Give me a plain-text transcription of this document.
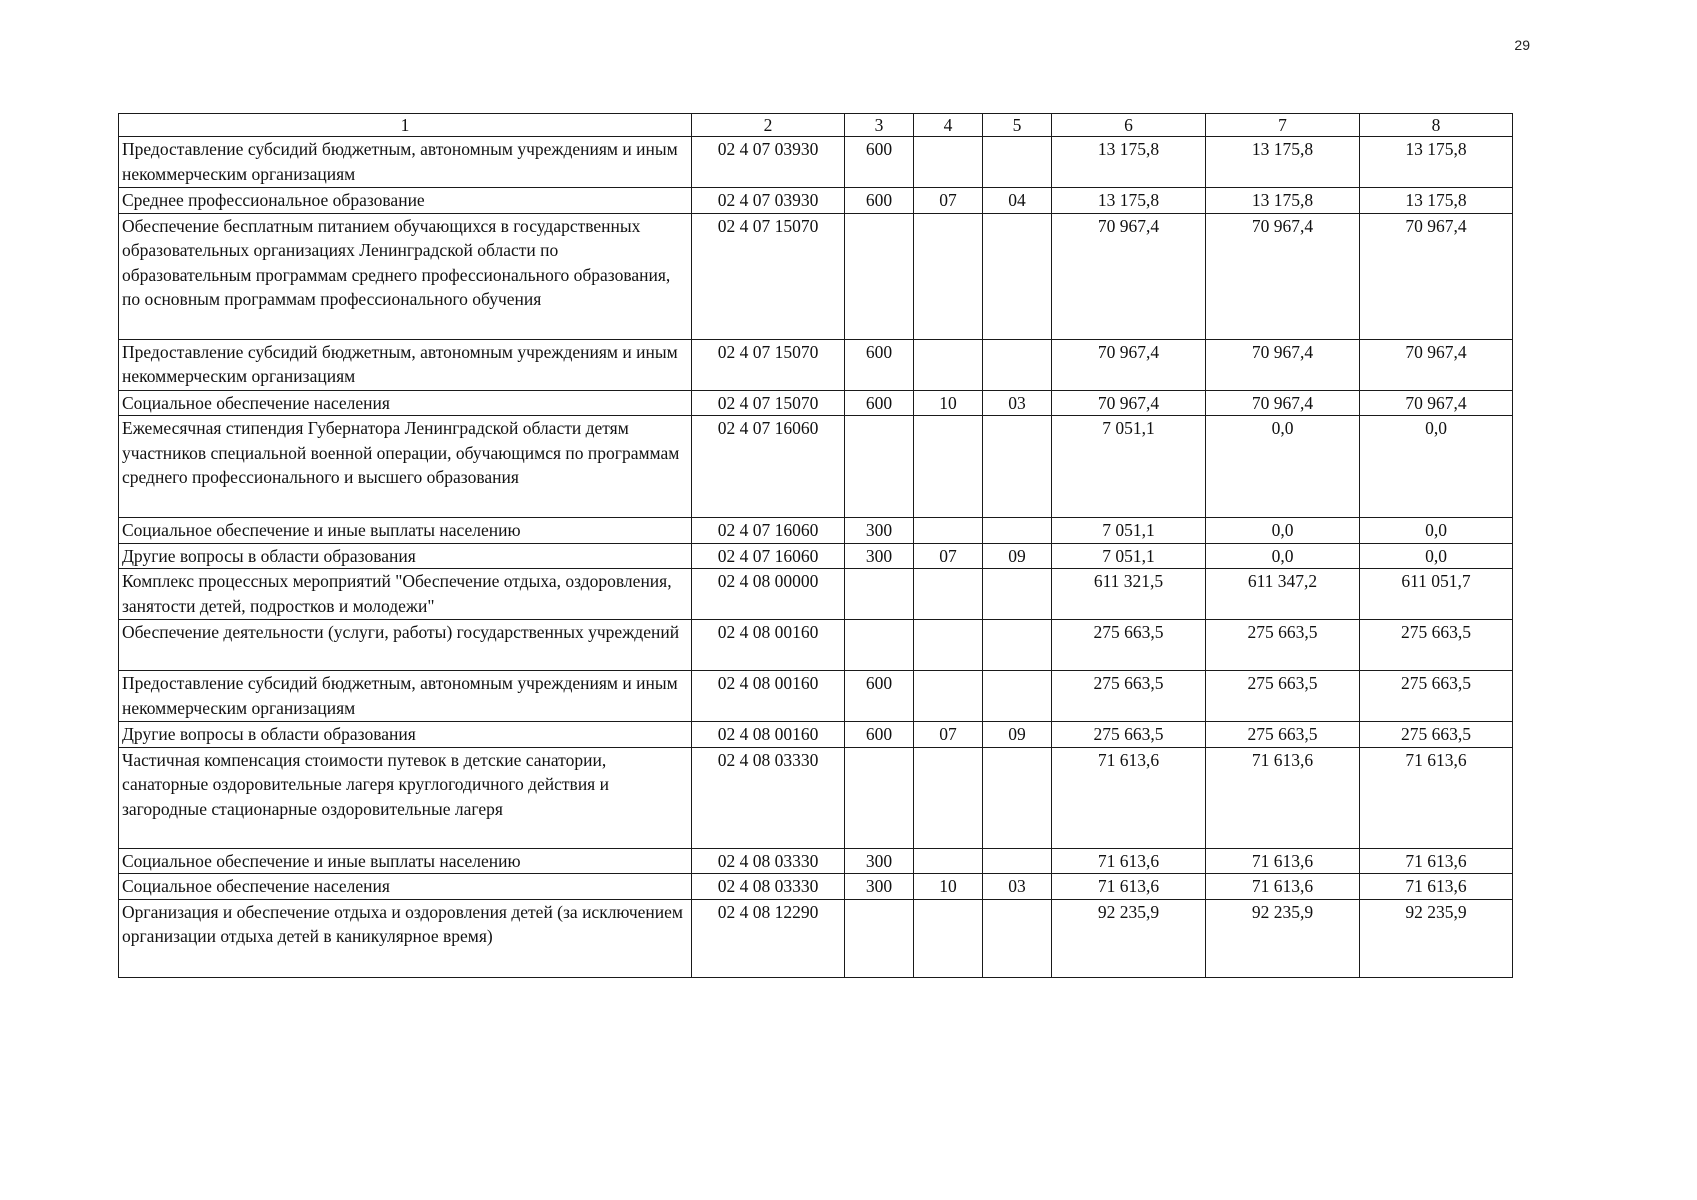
29
1	2	3	4	5	6	7	8
Предоставление субсидий бюджетным, автономным учреждениям и иным некоммерческим организациям	02 4 07 03930	600			13 175,8	13 175,8	13 175,8
Среднее профессиональное образование	02 4 07 03930	600	07	04	13 175,8	13 175,8	13 175,8
Обеспечение бесплатным питанием обучающихся в государственных образовательных организациях Ленинградской области по образовательным программам среднего профессионального образования, по основным программам профессионального обучения	02 4 07 15070				70 967,4	70 967,4	70 967,4
Предоставление субсидий бюджетным, автономным учреждениям и иным некоммерческим организациям	02 4 07 15070	600			70 967,4	70 967,4	70 967,4
Социальное обеспечение населения	02 4 07 15070	600	10	03	70 967,4	70 967,4	70 967,4
Ежемесячная стипендия Губернатора Ленинградской области детям участников специальной военной операции, обучающимся по программам среднего профессионального и высшего образования	02 4 07 16060				7 051,1	0,0	0,0
Социальное обеспечение и иные выплаты населению	02 4 07 16060	300			7 051,1	0,0	0,0
Другие вопросы в области образования	02 4 07 16060	300	07	09	7 051,1	0,0	0,0
Комплекс процессных мероприятий "Обеспечение отдыха, оздоровления, занятости детей, подростков и молодежи"	02 4 08 00000				611 321,5	611 347,2	611 051,7
Обеспечение деятельности (услуги, работы) государственных учреждений	02 4 08 00160				275 663,5	275 663,5	275 663,5
Предоставление субсидий бюджетным, автономным учреждениям и иным некоммерческим организациям	02 4 08 00160	600			275 663,5	275 663,5	275 663,5
Другие вопросы в области образования	02 4 08 00160	600	07	09	275 663,5	275 663,5	275 663,5
Частичная компенсация стоимости путевок в детские санатории, санаторные оздоровительные лагеря круглогодичного действия и загородные стационарные оздоровительные лагеря	02 4 08 03330				71 613,6	71 613,6	71 613,6
Социальное обеспечение и иные выплаты населению	02 4 08 03330	300			71 613,6	71 613,6	71 613,6
Социальное обеспечение населения	02 4 08 03330	300	10	03	71 613,6	71 613,6	71 613,6
Организация и обеспечение отдыха и оздоровления детей (за исключением организации отдыха детей в каникулярное время)	02 4 08 12290				92 235,9	92 235,9	92 235,9
